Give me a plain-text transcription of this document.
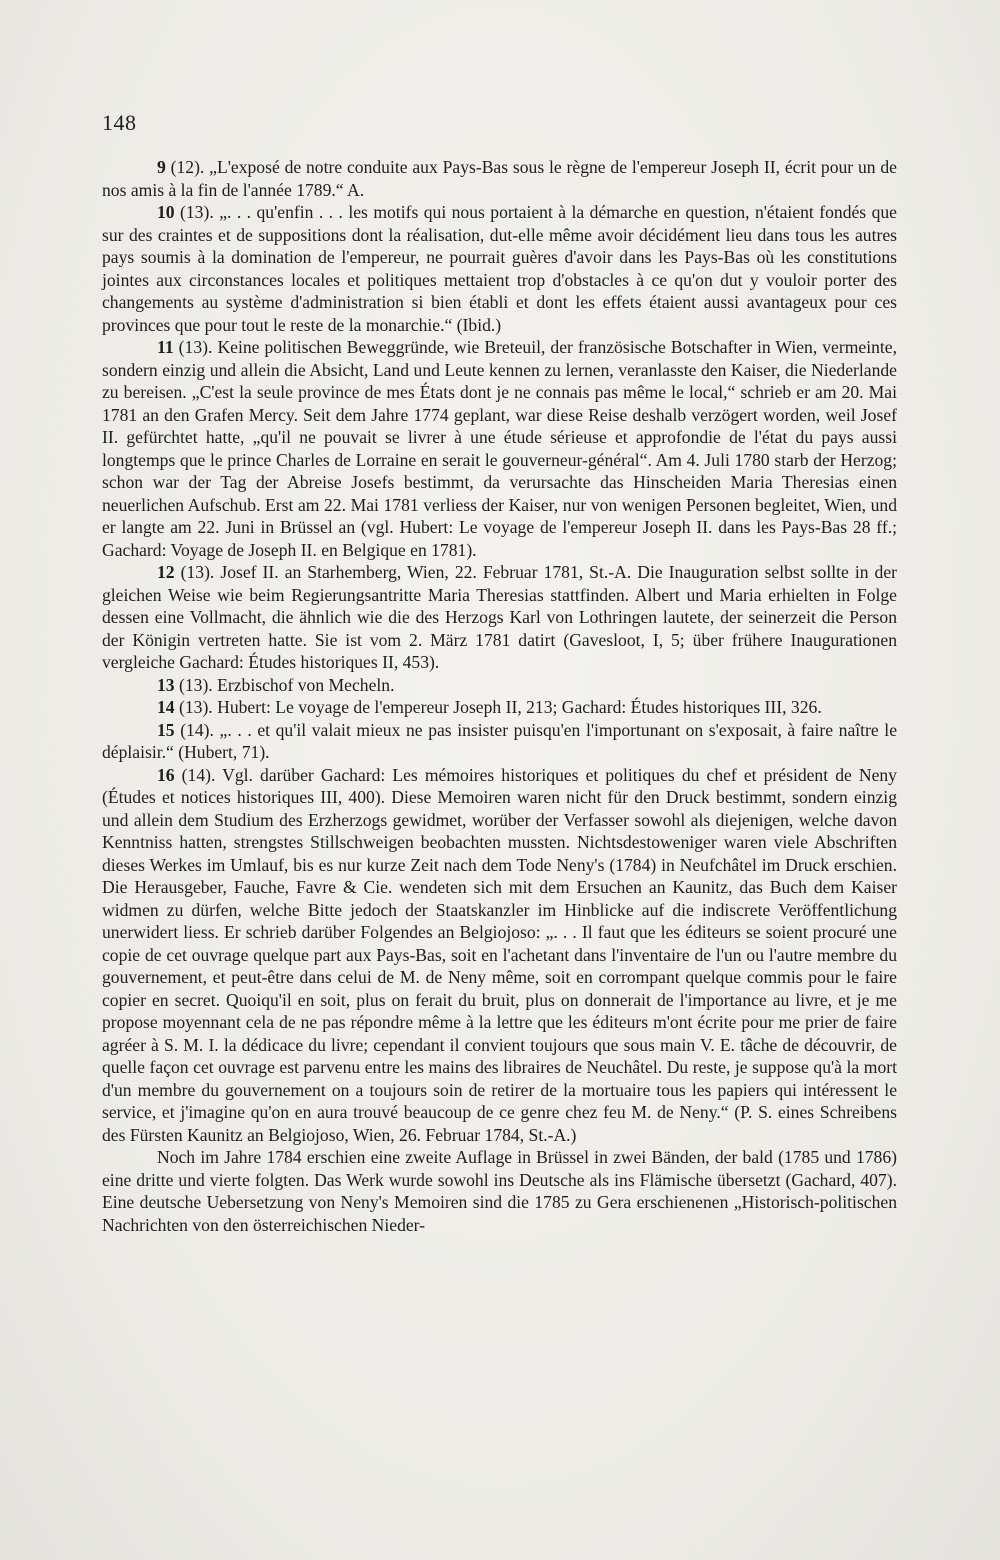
148

9 (12). „L'exposé de notre conduite aux Pays-Bas sous le règne de l'empereur Joseph II, écrit pour un de nos amis à la fin de l'année 1789.“ A.

10 (13). „. . . qu'enfin . . . les motifs qui nous portaient à la démarche en question, n'étaient fondés que sur des craintes et de suppositions dont la réalisation, dut-elle même avoir décidément lieu dans tous les autres pays soumis à la domination de l'empereur, ne pourrait guères d'avoir dans les Pays-Bas où les constitutions jointes aux circonstances locales et politiques mettaient trop d'obstacles à ce qu'on dut y vouloir porter des changements au système d'administration si bien établi et dont les effets étaient aussi avantageux pour ces provinces que pour tout le reste de la monarchie.“ (Ibid.)

11 (13). Keine politischen Beweggründe, wie Breteuil, der französische Botschafter in Wien, vermeinte, sondern einzig und allein die Absicht, Land und Leute kennen zu lernen, veranlasste den Kaiser, die Niederlande zu bereisen. „C'est la seule province de mes États dont je ne connais pas même le local,“ schrieb er am 20. Mai 1781 an den Grafen Mercy. Seit dem Jahre 1774 geplant, war diese Reise deshalb verzögert worden, weil Josef II. gefürchtet hatte, „qu'il ne pouvait se livrer à une étude sérieuse et approfondie de l'état du pays aussi longtemps que le prince Charles de Lorraine en serait le gouverneur-général“. Am 4. Juli 1780 starb der Herzog; schon war der Tag der Abreise Josefs bestimmt, da verursachte das Hinscheiden Maria Theresias einen neuerlichen Aufschub. Erst am 22. Mai 1781 verliess der Kaiser, nur von wenigen Personen begleitet, Wien, und er langte am 22. Juni in Brüssel an (vgl. Hubert: Le voyage de l'empereur Joseph II. dans les Pays-Bas 28 ff.; Gachard: Voyage de Joseph II. en Belgique en 1781).

12 (13). Josef II. an Starhemberg, Wien, 22. Februar 1781, St.-A. Die Inauguration selbst sollte in der gleichen Weise wie beim Regierungsantritte Maria Theresias stattfinden. Albert und Maria erhielten in Folge dessen eine Vollmacht, die ähnlich wie die des Herzogs Karl von Lothringen lautete, der seinerzeit die Person der Königin vertreten hatte. Sie ist vom 2. März 1781 datirt (Gavesloot, I, 5; über frühere Inaugurationen vergleiche Gachard: Études historiques II, 453).

13 (13). Erzbischof von Mecheln.

14 (13). Hubert: Le voyage de l'empereur Joseph II, 213; Gachard: Études historiques III, 326.

15 (14). „. . . et qu'il valait mieux ne pas insister puisqu'en l'importunant on s'exposait, à faire naître le déplaisir.“ (Hubert, 71).

16 (14). Vgl. darüber Gachard: Les mémoires historiques et politiques du chef et président de Neny (Études et notices historiques III, 400). Diese Memoiren waren nicht für den Druck bestimmt, sondern einzig und allein dem Studium des Erzherzogs gewidmet, worüber der Verfasser sowohl als diejenigen, welche davon Kenntniss hatten, strengstes Stillschweigen beobachten mussten. Nichtsdestoweniger waren viele Abschriften dieses Werkes im Umlauf, bis es nur kurze Zeit nach dem Tode Neny's (1784) in Neufchâtel im Druck erschien. Die Herausgeber, Fauche, Favre & Cie. wendeten sich mit dem Ersuchen an Kaunitz, das Buch dem Kaiser widmen zu dürfen, welche Bitte jedoch der Staatskanzler im Hinblicke auf die indiscrete Veröffentlichung unerwidert liess. Er schrieb darüber Folgendes an Belgiojoso: „. . . Il faut que les éditeurs se soient procuré une copie de cet ouvrage quelque part aux Pays-Bas, soit en l'achetant dans l'inventaire de l'un ou l'autre membre du gouvernement, et peut-être dans celui de M. de Neny même, soit en corrompant quelque commis pour le faire copier en secret. Quoiqu'il en soit, plus on ferait du bruit, plus on donnerait de l'importance au livre, et je me propose moyennant cela de ne pas répondre même à la lettre que les éditeurs m'ont écrite pour me prier de faire agréer à S. M. I. la dédicace du livre; cependant il convient toujours que sous main V. E. tâche de découvrir, de quelle façon cet ouvrage est parvenu entre les mains des libraires de Neuchâtel. Du reste, je suppose qu'à la mort d'un membre du gouvernement on a toujours soin de retirer de la mortuaire tous les papiers qui intéressent le service, et j'imagine qu'on en aura trouvé beaucoup de ce genre chez feu M. de Neny.“ (P. S. eines Schreibens des Fürsten Kaunitz an Belgiojoso, Wien, 26. Februar 1784, St.-A.)

Noch im Jahre 1784 erschien eine zweite Auflage in Brüssel in zwei Bänden, der bald (1785 und 1786) eine dritte und vierte folgten. Das Werk wurde sowohl ins Deutsche als ins Flämische übersetzt (Gachard, 407). Eine deutsche Uebersetzung von Neny's Memoiren sind die 1785 zu Gera erschienenen „Historisch-politischen Nachrichten von den österreichischen Nieder-
